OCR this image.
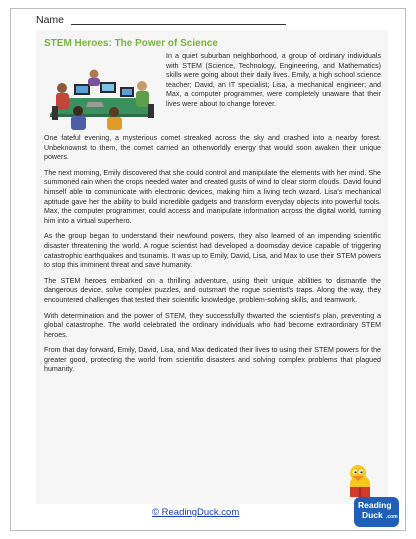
Name
STEM Heroes: The Power of Science

In a quiet suburban neighborhood, a group of ordinary individuals with STEM (Science, Technology, Engineering, and Mathematics) skills were going about their daily lives. Emily, a high school science teacher; David, an IT specialist; Lisa, a mechanical engineer; and Max, a computer programmer, were completely unaware that their lives were about to change forever.

One fateful evening, a mysterious comet streaked across the sky and crashed into a nearby forest. Unbeknownst to them, the comet carried an otherworldly energy that would soon awaken their unique powers.

The next morning, Emily discovered that she could control and manipulate the elements with her mind. She summoned rain when the crops needed water and created gusts of wind to clear storm clouds. David found himself able to communicate with electronic devices, making him a living tech wizard. Lisa's mechanical aptitude gave her the ability to build incredible gadgets and transform everyday objects into powerful tools. Max, the computer programmer, could access and manipulate information across the digital world, turning him into a virtual superhero.

As the group began to understand their newfound powers, they also learned of an impending scientific disaster threatening the world. A rogue scientist had developed a doomsday device capable of triggering catastrophic earthquakes and tsunamis. It was up to Emily, David, Lisa, and Max to use their STEM powers to stop this imminent threat and save humanity.

The STEM heroes embarked on a thrilling adventure, using their unique abilities to dismantle the dangerous device, solve complex puzzles, and outsmart the rogue scientist's traps. Along the way, they encountered challenges that tested their scientific knowledge, problem-solving skills, and teamwork.

With determination and the power of STEM, they successfully thwarted the scientist's plan, preventing a global catastrophe. The world celebrated the ordinary individuals who had become extraordinary STEM heroes.

From that day forward, Emily, David, Lisa, and Max dedicated their lives to using their STEM powers for the greater good, protecting the world from scientific disasters and solving complex problems that plagued humanity.

© ReadingDuck.com
Reading
Duck .com
